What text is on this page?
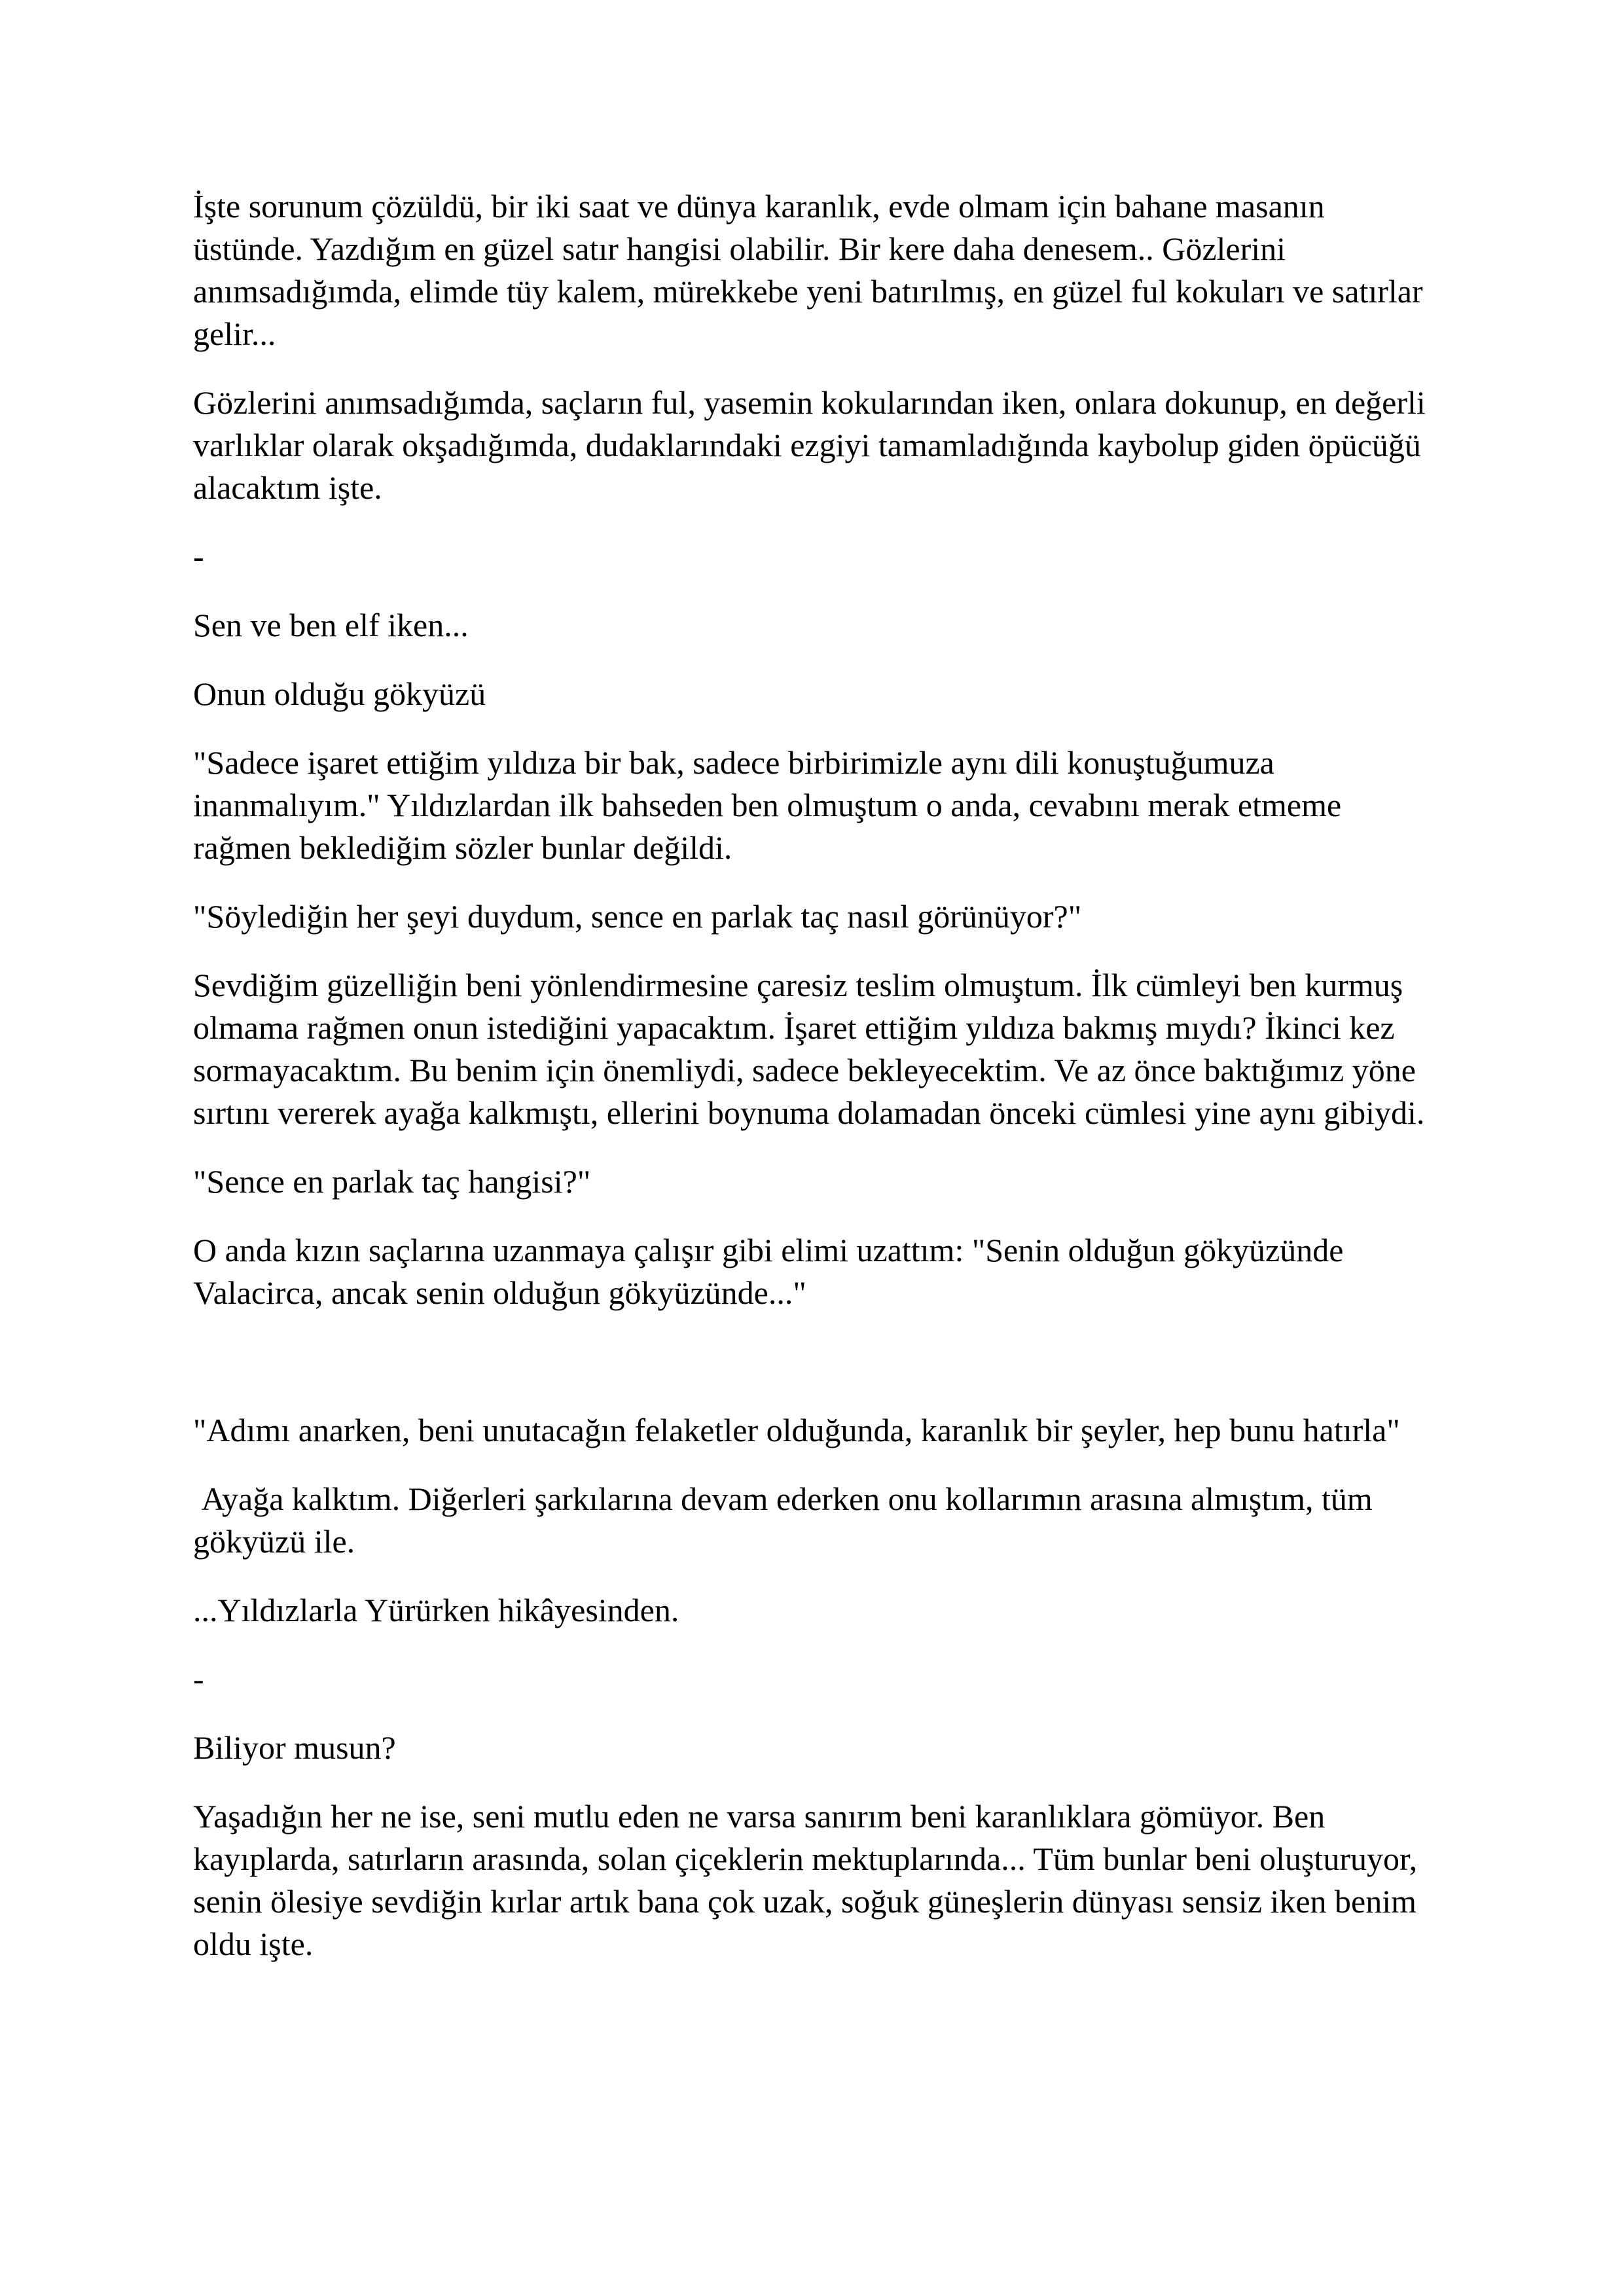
İşte sorunum çözüldü, bir iki saat ve dünya karanlık, evde olmam için bahane masanın üstünde. Yazdığım en güzel satır hangisi olabilir. Bir kere daha denesem.. Gözlerini anımsadığımda, elimde tüy kalem, mürekkebe yeni batırılmış, en güzel ful kokuları ve satırlar gelir...

Gözlerini anımsadığımda, saçların ful, yasemin kokularından iken, onlara dokunup, en değerli varlıklar olarak okşadığımda, dudaklarındaki ezgiyi tamamladığında kaybolup giden öpücüğü alacaktım işte.

-

Sen ve ben elf iken...

Onun olduğu gökyüzü

"Sadece işaret ettiğim yıldıza bir bak, sadece birbirimizle aynı dili konuştuğumuza inanmalıyım." Yıldızlardan ilk bahseden ben olmuştum o anda, cevabını merak etmeme rağmen beklediğim sözler bunlar değildi.

"Söylediğin her şeyi duydum, sence en parlak taç nasıl görünüyor?"

Sevdiğim güzelliğin beni yönlendirmesine çaresiz teslim olmuştum. İlk cümleyi ben kurmuş olmama rağmen onun istediğini yapacaktım. İşaret ettiğim yıldıza bakmış mıydı? İkinci kez sormayacaktım. Bu benim için önemliydi, sadece bekleyecektim. Ve az önce baktığımız yöne sırtını vererek ayağa kalkmıştı, ellerini boynuma dolamadan önceki cümlesi yine aynı gibiydi.

"Sence en parlak taç hangisi?"

O anda kızın saçlarına uzanmaya çalışır gibi elimi uzattım: "Senin olduğun gökyüzünde Valacirca, ancak senin olduğun gökyüzünde..."

"Adımı anarken, beni unutacağın felaketler olduğunda, karanlık bir şeyler, hep bunu hatırla"

Ayağa kalktım. Diğerleri şarkılarına devam ederken onu kollarımın arasına almıştım, tüm gökyüzü ile.

...Yıldızlarla Yürürken hikâyesinden.

-

Biliyor musun?

Yaşadığın her ne ise, seni mutlu eden ne varsa sanırım beni karanlıklara gömüyor. Ben kayıplarda, satırların arasında, solan çiçeklerin mektuplarında... Tüm bunlar beni oluşturuyor, senin ölesiye sevdiğin kırlar artık bana çok uzak, soğuk güneşlerin dünyası sensiz iken benim oldu işte.
